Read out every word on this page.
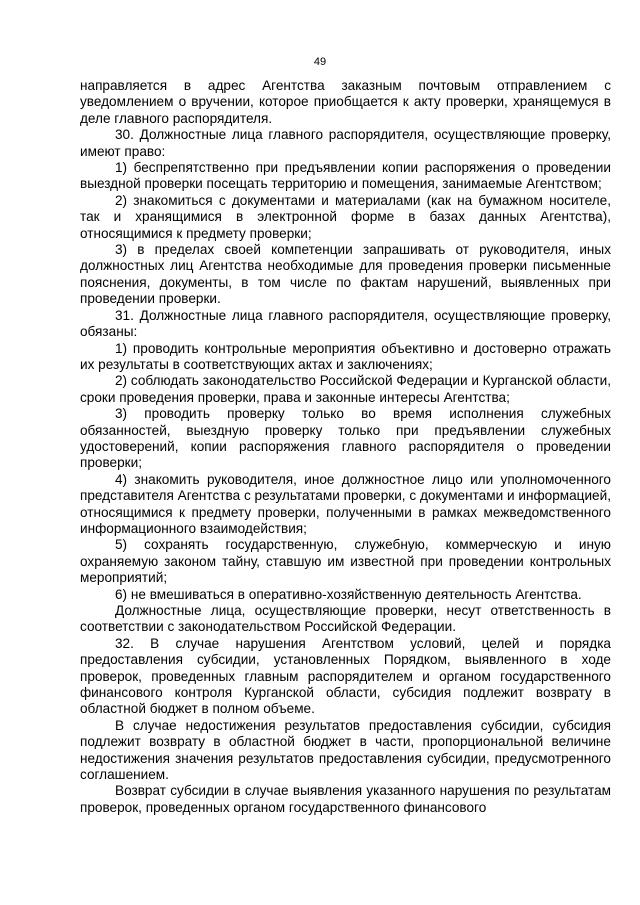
49

направляется в адрес Агентства заказным почтовым отправлением с уведомлением о вручении, которое приобщается к акту проверки, хранящемуся в деле главного распорядителя.

30. Должностные лица главного распорядителя, осуществляющие проверку, имеют право:

1) беспрепятственно при предъявлении копии распоряжения о проведении выездной проверки посещать территорию и помещения, занимаемые Агентством;

2) знакомиться с документами и материалами (как на бумажном носителе, так и хранящимися в электронной форме в базах данных Агентства), относящимися к предмету проверки;

3) в пределах своей компетенции запрашивать от руководителя, иных должностных лиц Агентства необходимые для проведения проверки письменные пояснения, документы, в том числе по фактам нарушений, выявленных при проведении проверки.

31. Должностные лица главного распорядителя, осуществляющие проверку, обязаны:

1) проводить контрольные мероприятия объективно и достоверно отражать их результаты в соответствующих актах и заключениях;

2) соблюдать законодательство Российской Федерации и Курганской области, сроки проведения проверки, права и законные интересы Агентства;

3) проводить проверку только во время исполнения служебных обязанностей, выездную проверку только при предъявлении служебных удостоверений, копии распоряжения главного распорядителя о проведении проверки;

4) знакомить руководителя, иное должностное лицо или уполномоченного представителя Агентства с результатами проверки, с документами и информацией, относящимися к предмету проверки, полученными в рамках межведомственного информационного взаимодействия;

5) сохранять государственную, служебную, коммерческую и иную охраняемую законом тайну, ставшую им известной при проведении контрольных мероприятий;

6) не вмешиваться в оперативно-хозяйственную деятельность Агентства.

Должностные лица, осуществляющие проверки, несут ответственность в соответствии с законодательством Российской Федерации.

32. В случае нарушения Агентством условий, целей и порядка предоставления субсидии, установленных Порядком, выявленного в ходе проверок, проведенных главным распорядителем и органом государственного финансового контроля Курганской области, субсидия подлежит возврату в областной бюджет в полном объеме.

В случае недостижения результатов предоставления субсидии, субсидия подлежит возврату в областной бюджет в части, пропорциональной величине недостижения значения результатов предоставления субсидии, предусмотренного соглашением.

Возврат субсидии в случае выявления указанного нарушения по результатам проверок, проведенных органом государственного финансового
